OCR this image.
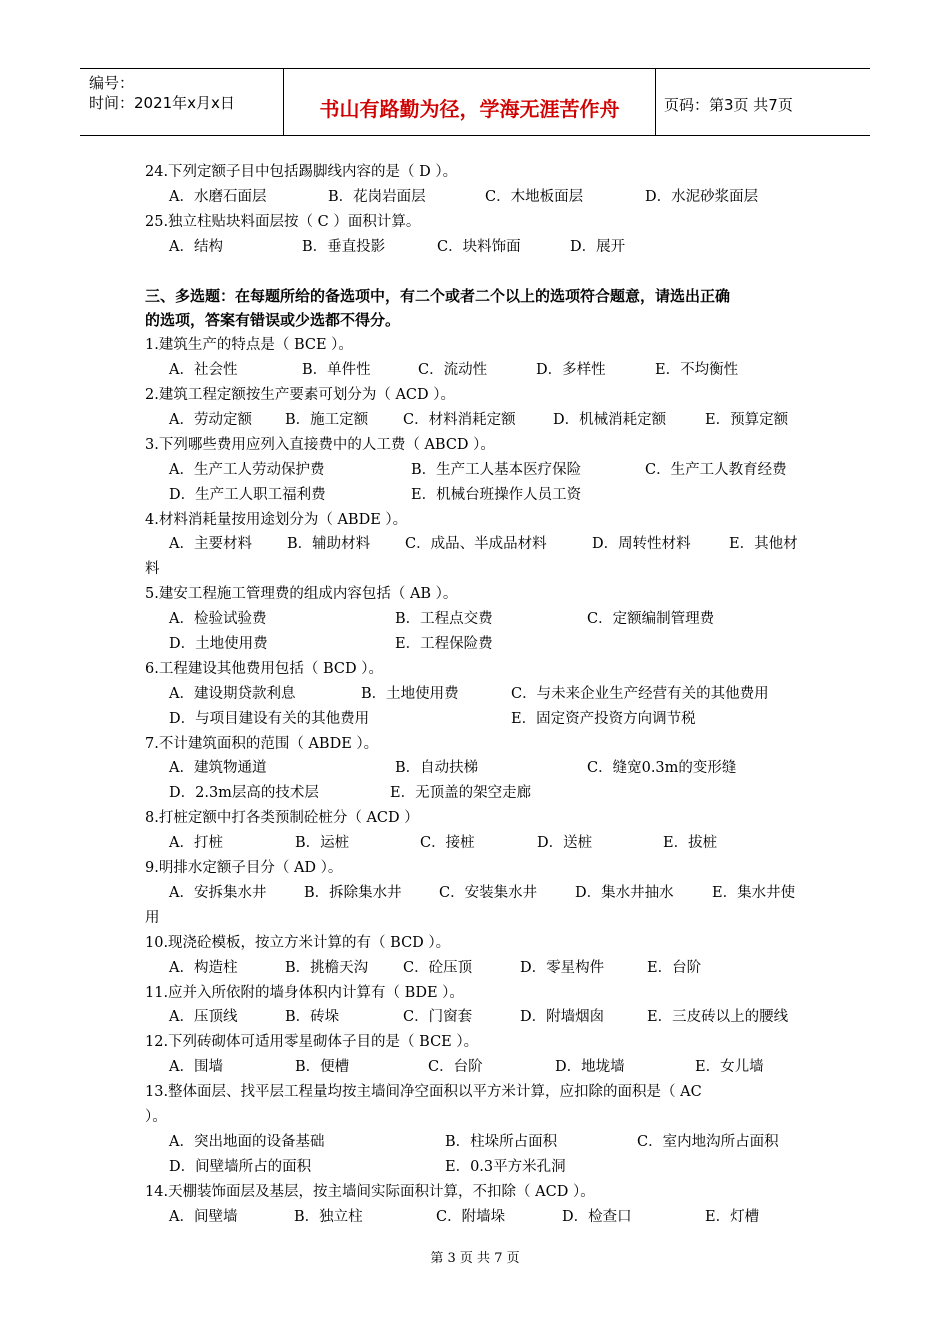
编号：
时间：2021年x月x日	书山有路勤为径，学海无涯苦作舟	页码：第3页 共7页
24.下列定额子目中包括踢脚线内容的是（ D ）。
A．水磨石面层	B．花岗岩面层	C．木地板面层	D．水泥砂浆面层
25.独立柱贴块料面层按（ C ）面积计算。
A．结构	B．垂直投影	C．块料饰面	D．展开
三、多选题：在每题所给的备选项中，有二个或者二个以上的选项符合题意，请选出正确
的选项，答案有错误或少选都不得分。
1.建筑生产的特点是（ BCE ）。
A．社会性	B．单件性	C．流动性	D．多样性	E．不均衡性
2.建筑工程定额按生产要素可划分为（ ACD ）。
A．劳动定额 B．施工定额 C．材料消耗定额	D．机械消耗定额	E．预算定额
3.下列哪些费用应列入直接费中的人工费（ ABCD ）。
A．生产工人劳动保护费	B．生产工人基本医疗保险	C．生产工人教育经费
D．生产工人职工福利费	E．机械台班操作人员工资
4.材料消耗量按用途划分为（ ABDE ）。
A．主要材料 B．辅助材料 C．成品、半成品材料	D．周转性材料	E．其他材
料
5.建安工程施工管理费的组成内容包括（ AB ）。
A．检验试验费	B．工程点交费	C．定额编制管理费
D．土地使用费	E．工程保险费
6.工程建设其他费用包括（ BCD ）。
A．建设期贷款利息	B．土地使用费	C．与未来企业生产经营有关的其他费用
D．与项目建设有关的其他费用	E．固定资产投资方向调节税
7.不计建筑面积的范围（ ABDE ）。
A．建筑物通道	B．自动扶梯	C．缝宽0.3m的变形缝
D．2.3m层高的技术层	E．无顶盖的架空走廊
8.打桩定额中打各类预制砼桩分（ ACD ）
A．打桩	B．运桩	C．接桩	D．送桩	E．拔桩
9.明排水定额子目分（ AD ）。
A．安拆集水井	B．拆除集水井	C．安装集水井	D．集水井抽水	E．集水井使
用
10.现浇砼模板，按立方米计算的有（ BCD ）。
A．构造柱	B．挑檐天沟 C．砼压顶	D．零星构件	E．台阶
11.应并入所依附的墙身体积内计算有（ BDE ）。
A．压顶线	B．砖垛	C．门窗套	D．附墙烟囱	E．三皮砖以上的腰线
12.下列砖砌体可适用零星砌体子目的是（ BCE ）。
A．围墙	B．便槽	C．台阶	D．地垅墙	E．女儿墙
13.整体面层、找平层工程量均按主墙间净空面积以平方米计算，应扣除的面积是（ AC
）。
A．突出地面的设备基础	B．柱垛所占面积	C．室内地沟所占面积
D．间壁墙所占的面积	E．0.3平方米孔洞
14.天棚装饰面层及基层，按主墙间实际面积计算，不扣除（ ACD ）。
A．间壁墙	B．独立柱	C．附墙垛	D．检查口	E．灯槽
第 3 页 共 7 页
